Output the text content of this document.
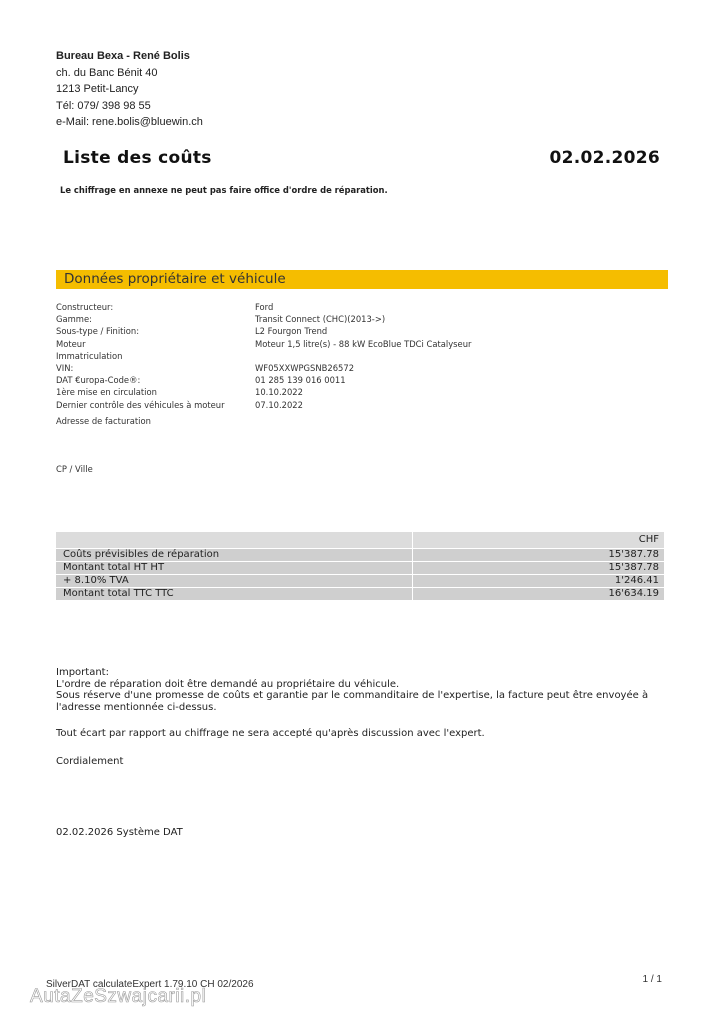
Bureau Bexa - René Bolis
ch. du Banc Bénit 40
1213 Petit-Lancy
Tél: 079/ 398 98 55
e-Mail: rene.bolis@bluewin.ch
Liste des coûts	02.02.2026
Le chiffrage en annexe ne peut pas faire office d'ordre de réparation.
Données propriétaire et véhicule
Constructeur:	Ford
Gamme:	Transit Connect (CHC)(2013->)
Sous-type / Finition:	L2 Fourgon Trend
Moteur	Moteur 1,5 litre(s) - 88 kW EcoBlue TDCi Catalyseur
Immatriculation
VIN:	WF05XXWPGSNB26572
DAT €uropa-Code®:	01 285 139 016 0011
1ère mise en circulation	10.10.2022
Dernier contrôle des véhicules à moteur	07.10.2022
Adresse de facturation
CP / Ville
CHF
Coûts prévisibles de réparation	15'387.78
Montant total HT HT	15'387.78
+ 8.10% TVA	1'246.41
Montant total TTC TTC	16'634.19
Important:
L'ordre de réparation doit être demandé au propriétaire du véhicule.
Sous réserve d'une promesse de coûts et garantie par le commanditaire de l'expertise, la facture peut être envoyée à
l'adresse mentionnée ci-dessus.
Tout écart par rapport au chiffrage ne sera accepté qu'après discussion avec l'expert.
Cordialement
02.02.2026 Système DAT
SilverDAT calculateExpert 1.79.10 CH 02/2026	1 / 1
AutaZeSzwajcarii.pl
